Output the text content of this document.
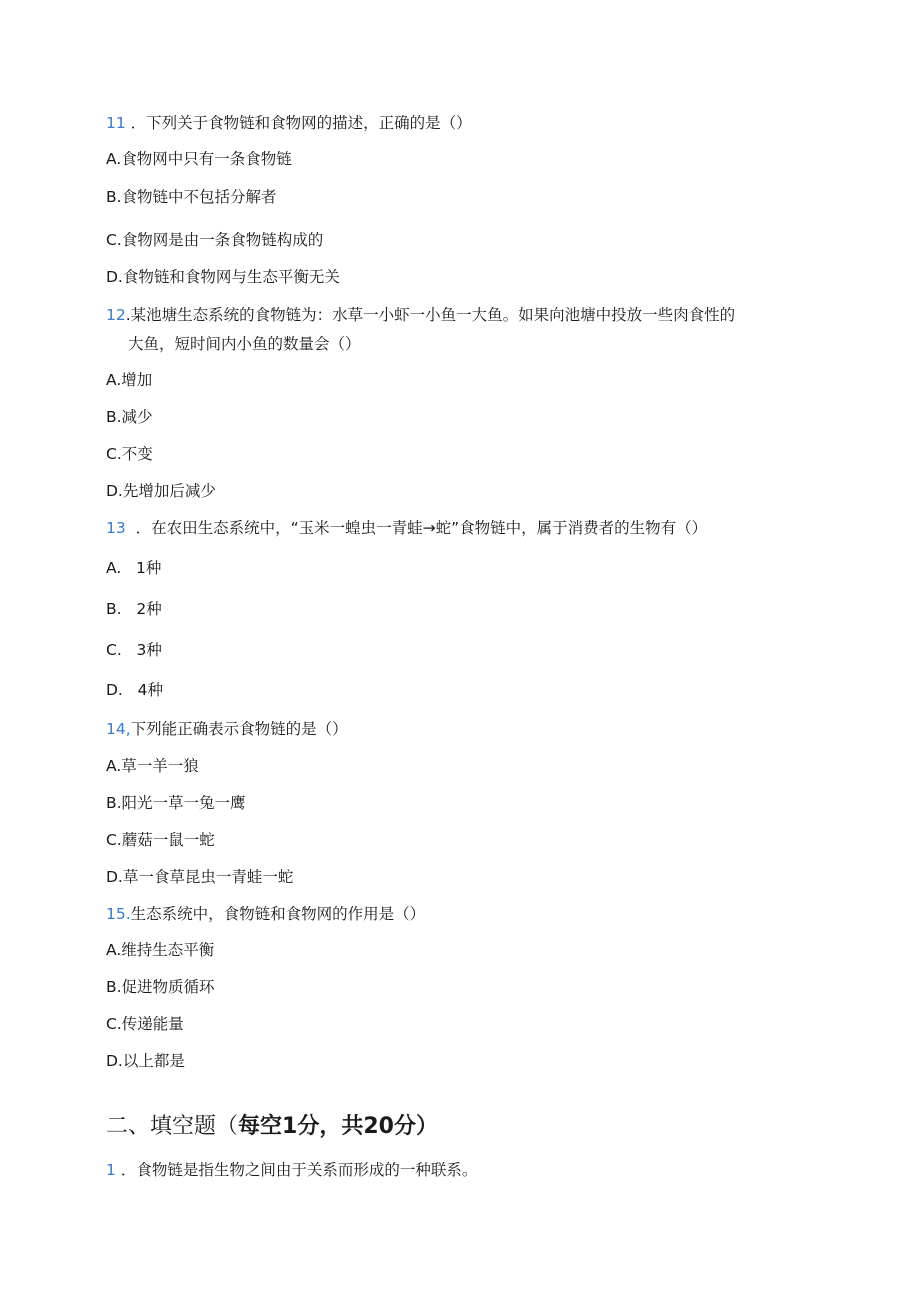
11 ．下列关于食物链和食物网的描述，正确的是（）
A.食物网中只有一条食物链
B.食物链中不包括分解者
C.食物网是由一条食物链构成的
D.食物链和食物网与生态平衡无关
12.某池塘生态系统的食物链为：水草一小虾一小鱼一大鱼。如果向池塘中投放一些肉食性的
大鱼，短时间内小鱼的数量会（）
A.增加
B.减少
C.不变
D.先增加后减少
13 ．在农田生态系统中，“玉米一蝗虫一青蛙→蛇”食物链中，属于消费者的生物有（）
A.   1种
B.   2种
C.   3种
D.   4种
14,下列能正确表示食物链的是（）
A.草一羊一狼
B.阳光一草一兔一鹰
C.蘑菇一鼠一蛇
D.草一食草昆虫一青蛙一蛇
15.生态系统中，食物链和食物网的作用是（）
A.维持生态平衡
B.促进物质循环
C.传递能量
D.以上都是
二、填空题（每空1分，共20分）
1 ．食物链是指生物之间由于关系而形成的一种联系。
